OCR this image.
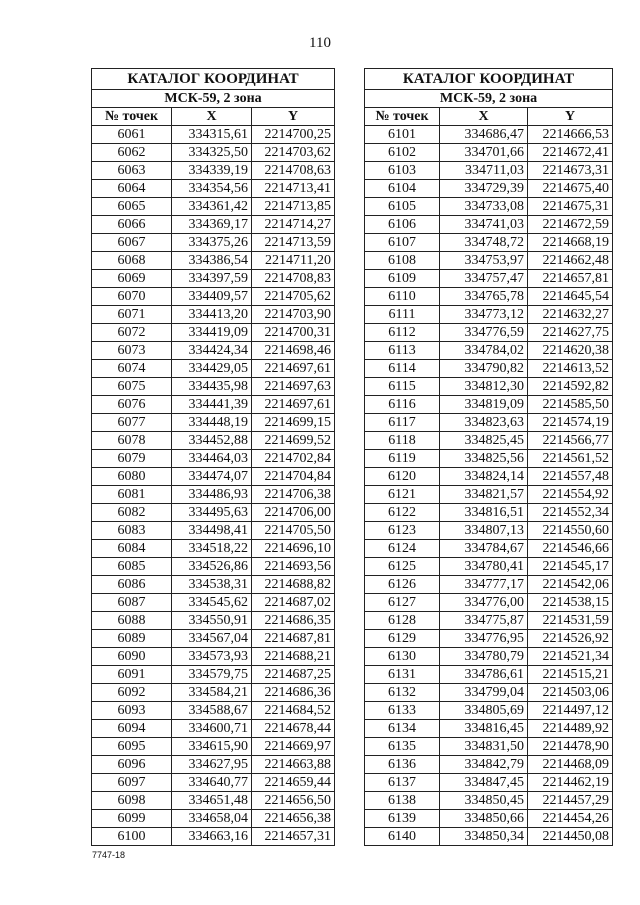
110
КАТАЛОГ КООРДИНАТ		
МСК-59, 2 зона		
№ точек	X	Y
6061	334315,61	2214700,25
6062	334325,50	2214703,62
6063	334339,19	2214708,63
6064	334354,56	2214713,41
6065	334361,42	2214713,85
6066	334369,17	2214714,27
6067	334375,26	2214713,59
6068	334386,54	2214711,20
6069	334397,59	2214708,83
6070	334409,57	2214705,62
6071	334413,20	2214703,90
6072	334419,09	2214700,31
6073	334424,34	2214698,46
6074	334429,05	2214697,61
6075	334435,98	2214697,63
6076	334441,39	2214697,61
6077	334448,19	2214699,15
6078	334452,88	2214699,52
6079	334464,03	2214702,84
6080	334474,07	2214704,84
6081	334486,93	2214706,38
6082	334495,63	2214706,00
6083	334498,41	2214705,50
6084	334518,22	2214696,10
6085	334526,86	2214693,56
6086	334538,31	2214688,82
6087	334545,62	2214687,02
6088	334550,91	2214686,35
6089	334567,04	2214687,81
6090	334573,93	2214688,21
6091	334579,75	2214687,25
6092	334584,21	2214686,36
6093	334588,67	2214684,52
6094	334600,71	2214678,44
6095	334615,90	2214669,97
6096	334627,95	2214663,88
6097	334640,77	2214659,44
6098	334651,48	2214656,50
6099	334658,04	2214656,38
6100	334663,16	2214657,31
КАТАЛОГ КООРДИНАТ		
МСК-59, 2 зона		
№ точек	X	Y
6101	334686,47	2214666,53
6102	334701,66	2214672,41
6103	334711,03	2214673,31
6104	334729,39	2214675,40
6105	334733,08	2214675,31
6106	334741,03	2214672,59
6107	334748,72	2214668,19
6108	334753,97	2214662,48
6109	334757,47	2214657,81
6110	334765,78	2214645,54
6111	334773,12	2214632,27
6112	334776,59	2214627,75
6113	334784,02	2214620,38
6114	334790,82	2214613,52
6115	334812,30	2214592,82
6116	334819,09	2214585,50
6117	334823,63	2214574,19
6118	334825,45	2214566,77
6119	334825,56	2214561,52
6120	334824,14	2214557,48
6121	334821,57	2214554,92
6122	334816,51	2214552,34
6123	334807,13	2214550,60
6124	334784,67	2214546,66
6125	334780,41	2214545,17
6126	334777,17	2214542,06
6127	334776,00	2214538,15
6128	334775,87	2214531,59
6129	334776,95	2214526,92
6130	334780,79	2214521,34
6131	334786,61	2214515,21
6132	334799,04	2214503,06
6133	334805,69	2214497,12
6134	334816,45	2214489,92
6135	334831,50	2214478,90
6136	334842,79	2214468,09
6137	334847,45	2214462,19
6138	334850,45	2214457,29
6139	334850,66	2214454,26
6140	334850,34	2214450,08
7747-18
